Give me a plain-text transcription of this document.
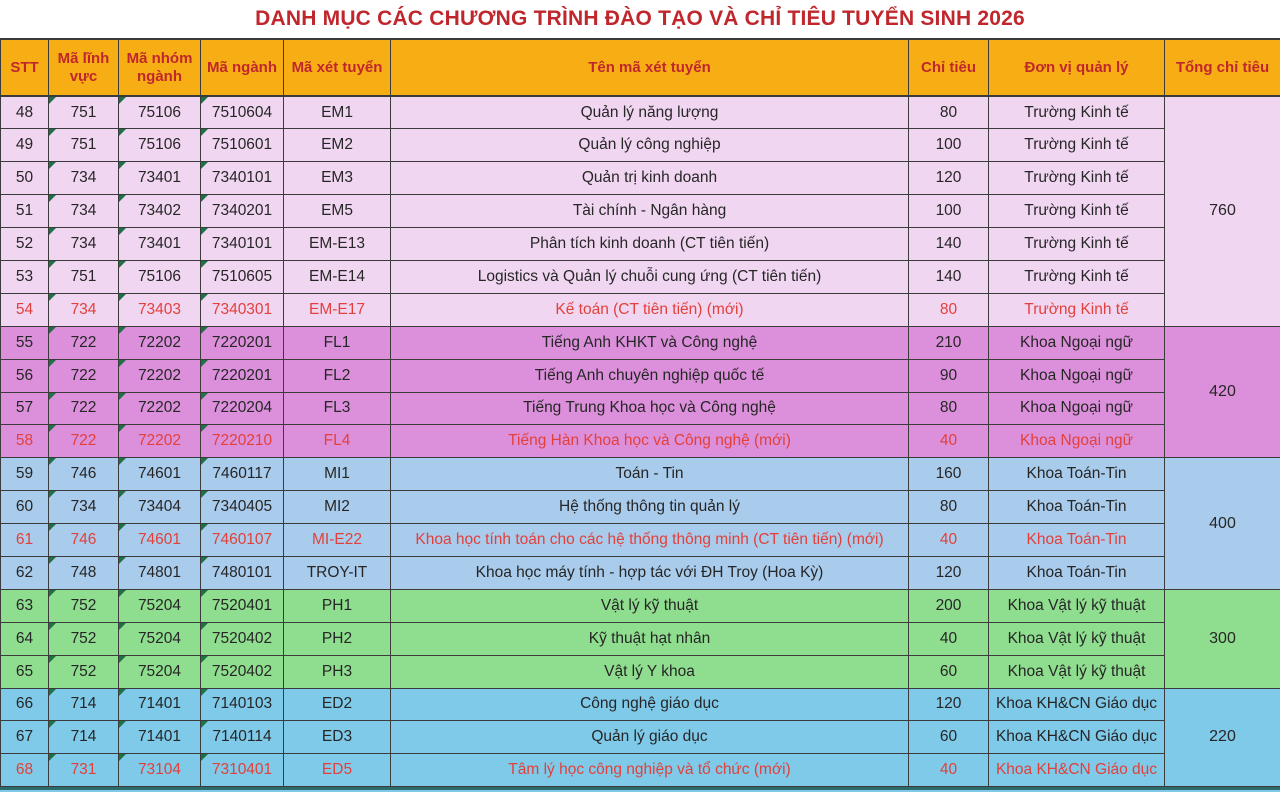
DANH MỤC CÁC CHƯƠNG TRÌNH ĐÀO TẠO VÀ CHỈ TIÊU TUYỂN SINH 2026
STT	Mã lĩnh vực	Mã nhóm ngành	Mã ngành	Mã xét tuyển	Tên mã xét tuyển	Chỉ tiêu	Đơn vị quản lý	Tổng chỉ tiêu
48	751	75106	7510604	EM1	Quản lý năng lượng	80	Trường Kinh tế	760
49	751	75106	7510601	EM2	Quản lý công nghiệp	100	Trường Kinh tế	
50	734	73401	7340101	EM3	Quản trị kinh doanh	120	Trường Kinh tế	
51	734	73402	7340201	EM5	Tài chính - Ngân hàng	100	Trường Kinh tế	
52	734	73401	7340101	EM-E13	Phân tích kinh doanh (CT tiên tiến)	140	Trường Kinh tế	
53	751	75106	7510605	EM-E14	Logistics và Quản lý chuỗi cung ứng (CT tiên tiến)	140	Trường Kinh tế	
54	734	73403	7340301	EM-E17	Kế toán (CT tiên tiến) (mới)	80	Trường Kinh tế	
55	722	72202	7220201	FL1	Tiếng Anh KHKT và Công nghệ	210	Khoa Ngoại ngữ	420
56	722	72202	7220201	FL2	Tiếng Anh chuyên nghiệp quốc tế	90	Khoa Ngoại ngữ	
57	722	72202	7220204	FL3	Tiếng Trung Khoa học và Công nghệ	80	Khoa Ngoại ngữ	
58	722	72202	7220210	FL4	Tiếng Hàn Khoa học và Công nghệ (mới)	40	Khoa Ngoại ngữ	
59	746	74601	7460117	MI1	Toán - Tin	160	Khoa Toán-Tin	400
60	734	73404	7340405	MI2	Hệ thống thông tin quản lý	80	Khoa Toán-Tin	
61	746	74601	7460107	MI-E22	Khoa học tính toán cho các hệ thống thông minh (CT tiên tiến) (mới)	40	Khoa Toán-Tin	
62	748	74801	7480101	TROY-IT	Khoa học máy tính - hợp tác với ĐH Troy (Hoa Kỳ)	120	Khoa Toán-Tin	
63	752	75204	7520401	PH1	Vật lý kỹ thuật	200	Khoa Vật lý kỹ thuật	300
64	752	75204	7520402	PH2	Kỹ thuật hạt nhân	40	Khoa Vật lý kỹ thuật	
65	752	75204	7520402	PH3	Vật lý Y khoa	60	Khoa Vật lý kỹ thuật	
66	714	71401	7140103	ED2	Công nghệ giáo dục	120	Khoa KH&CN Giáo dục	220
67	714	71401	7140114	ED3	Quản lý giáo dục	60	Khoa KH&CN Giáo dục	
68	731	73104	7310401	ED5	Tâm lý học công nghiệp và tổ chức (mới)	40	Khoa KH&CN Giáo dục	
